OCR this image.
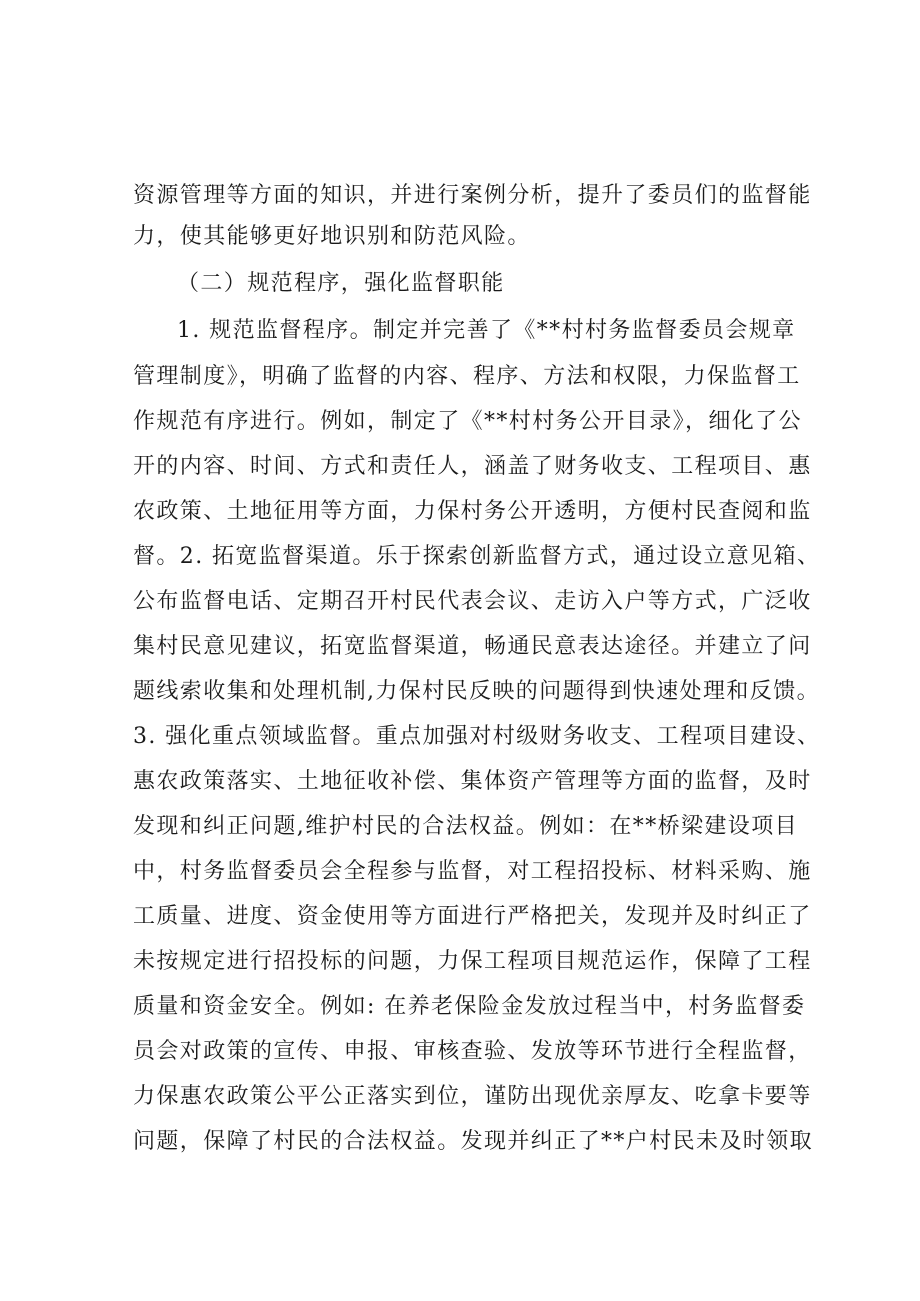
资源管理等方面的知识，并进行案例分析，提升了委员们的监督能
力，使其能够更好地识别和防范风险。
（二）规范程序，强化监督职能
1. 规范监督程序。制定并完善了《**村村务监督委员会规章
管理制度》，明确了监督的内容、程序、方法和权限，力保监督工
作规范有序进行。例如，制定了《**村村务公开目录》，细化了公
开的内容、时间、方式和责任人，涵盖了财务收支、工程项目、惠
农政策、土地征用等方面，力保村务公开透明，方便村民查阅和监
督。2. 拓宽监督渠道。乐于探索创新监督方式，通过设立意见箱、
公布监督电话、定期召开村民代表会议、走访入户等方式，广泛收
集村民意见建议，拓宽监督渠道，畅通民意表达途径。并建立了问
题线索收集和处理机制,力保村民反映的问题得到快速处理和反馈。
3. 强化重点领域监督。重点加强对村级财务收支、工程项目建设、
惠农政策落实、土地征收补偿、集体资产管理等方面的监督，及时
发现和纠正问题,维护村民的合法权益。例如：在**桥梁建设项目
中，村务监督委员会全程参与监督，对工程招投标、材料采购、施
工质量、进度、资金使用等方面进行严格把关，发现并及时纠正了
未按规定进行招投标的问题，力保工程项目规范运作，保障了工程
质量和资金安全。例如: 在养老保险金发放过程当中，村务监督委
员会对政策的宣传、申报、审核查验、发放等环节进行全程监督，
力保惠农政策公平公正落实到位，谨防出现优亲厚友、吃拿卡要等
问题，保障了村民的合法权益。发现并纠正了**户村民未及时领取
